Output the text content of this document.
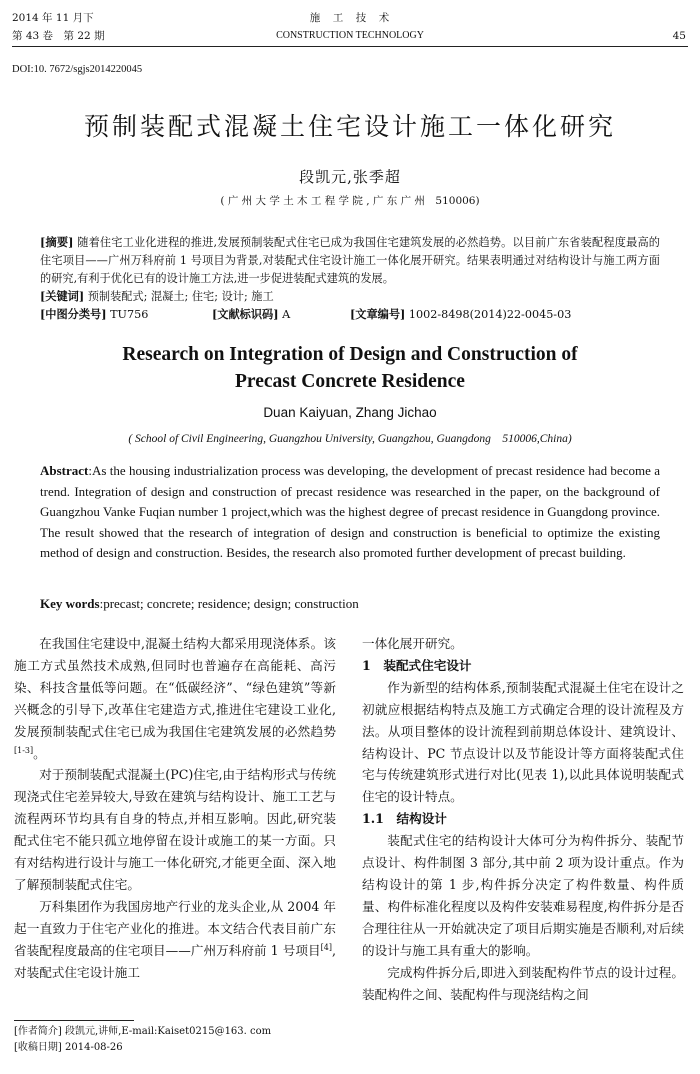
2014 年 11 月下
第 43 卷　第 22 期
施　工　技　术
CONSTRUCTION TECHNOLOGY	45
DOI:10. 7672/sgjs2014220045
预制装配式混凝土住宅设计施工一体化研究
段凯元,张季超
( 广 州 大 学 土 木 工 程 学 院 , 广 东 广 州　510006)
[摘要] 随着住宅工业化进程的推进,发展预制装配式住宅已成为我国住宅建筑发展的必然趋势。以目前广东省装配程度最高的住宅项目——广州万科府前 1 号项目为背景,对装配式住宅设计施工一体化展开研究。结果表明通过对结构设计与施工两方面的研究,有利于优化已有的设计施工方法,进一步促进装配式建筑的发展。
[关键词] 预制装配式; 混凝土; 住宅; 设计; 施工
[中图分类号] TU756	[文献标识码] A	[文章编号] 1002-8498(2014)22-0045-03
Research on Integration of Design and Construction of
Precast Concrete Residence
Duan Kaiyuan, Zhang Jichao
( School of Civil Engineering, Guangzhou University, Guangzhou, Guangdong　510006,China)
Abstract:As the housing industrialization process was developing, the development of precast residence had become a trend. Integration of design and construction of precast residence was researched in the paper, on the background of Guangzhou Vanke Fuqian number 1 project,which was the highest degree of precast residence in Guangdong province. The result showed that the research of integration of design and construction is beneficial to optimize the existing method of design and construction. Besides, the research also promoted further development of precast building.
Key words:precast; concrete; residence; design; construction

在我国住宅建设中,混凝土结构大都采用现浇体系。该施工方式虽然技术成熟,但同时也普遍存在高能耗、高污染、科技含量低等问题。在“低碳经济”、“绿色建筑”等新兴概念的引导下,改革住宅建造方式,推进住宅建设工业化,发展预制装配式住宅已成为我国住宅建筑发展的必然趋势[1-3]。

对于预制装配式混凝土(PC)住宅,由于结构形式与传统现浇式住宅差异较大,导致在建筑与结构设计、施工工艺与流程两环节均具有自身的特点,并相互影响。因此,研究装配式住宅不能只孤立地停留在设计或施工的某一方面。只有对结构进行设计与施工一体化研究,才能更全面、深入地了解预制装配式住宅。

万科集团作为我国房地产行业的龙头企业,从 2004 年起一直致力于住宅产业化的推进。本文结合代表目前广东省装配程度最高的住宅项目——广州万科府前 1 号项目[4],对装配式住宅设计施工

[作者简介] 段凯元,讲师,E-mail:Kaiset0215@163. com
[收稿日期] 2014-08-26

一体化展开研究。

1　装配式住宅设计

作为新型的结构体系,预制装配式混凝土住宅在设计之初就应根据结构特点及施工方式确定合理的设计流程及方法。从项目整体的设计流程到前期总体设计、建筑设计、结构设计、PC 节点设计以及节能设计等方面将装配式住宅与传统建筑形式进行对比(见表 1),以此具体说明装配式住宅的设计特点。

1.1　结构设计

装配式住宅的结构设计大体可分为构件拆分、装配节点设计、构件制图 3 部分,其中前 2 项为设计重点。作为结构设计的第 1 步,构件拆分决定了构件数量、构件质量、构件标准化程度以及构件安装难易程度,构件拆分是否合理往往从一开始就决定了项目后期实施是否顺利,对后续的设计与施工具有重大的影响。

完成构件拆分后,即进入到装配构件节点的设计过程。装配构件之间、装配构件与现浇结构之间
